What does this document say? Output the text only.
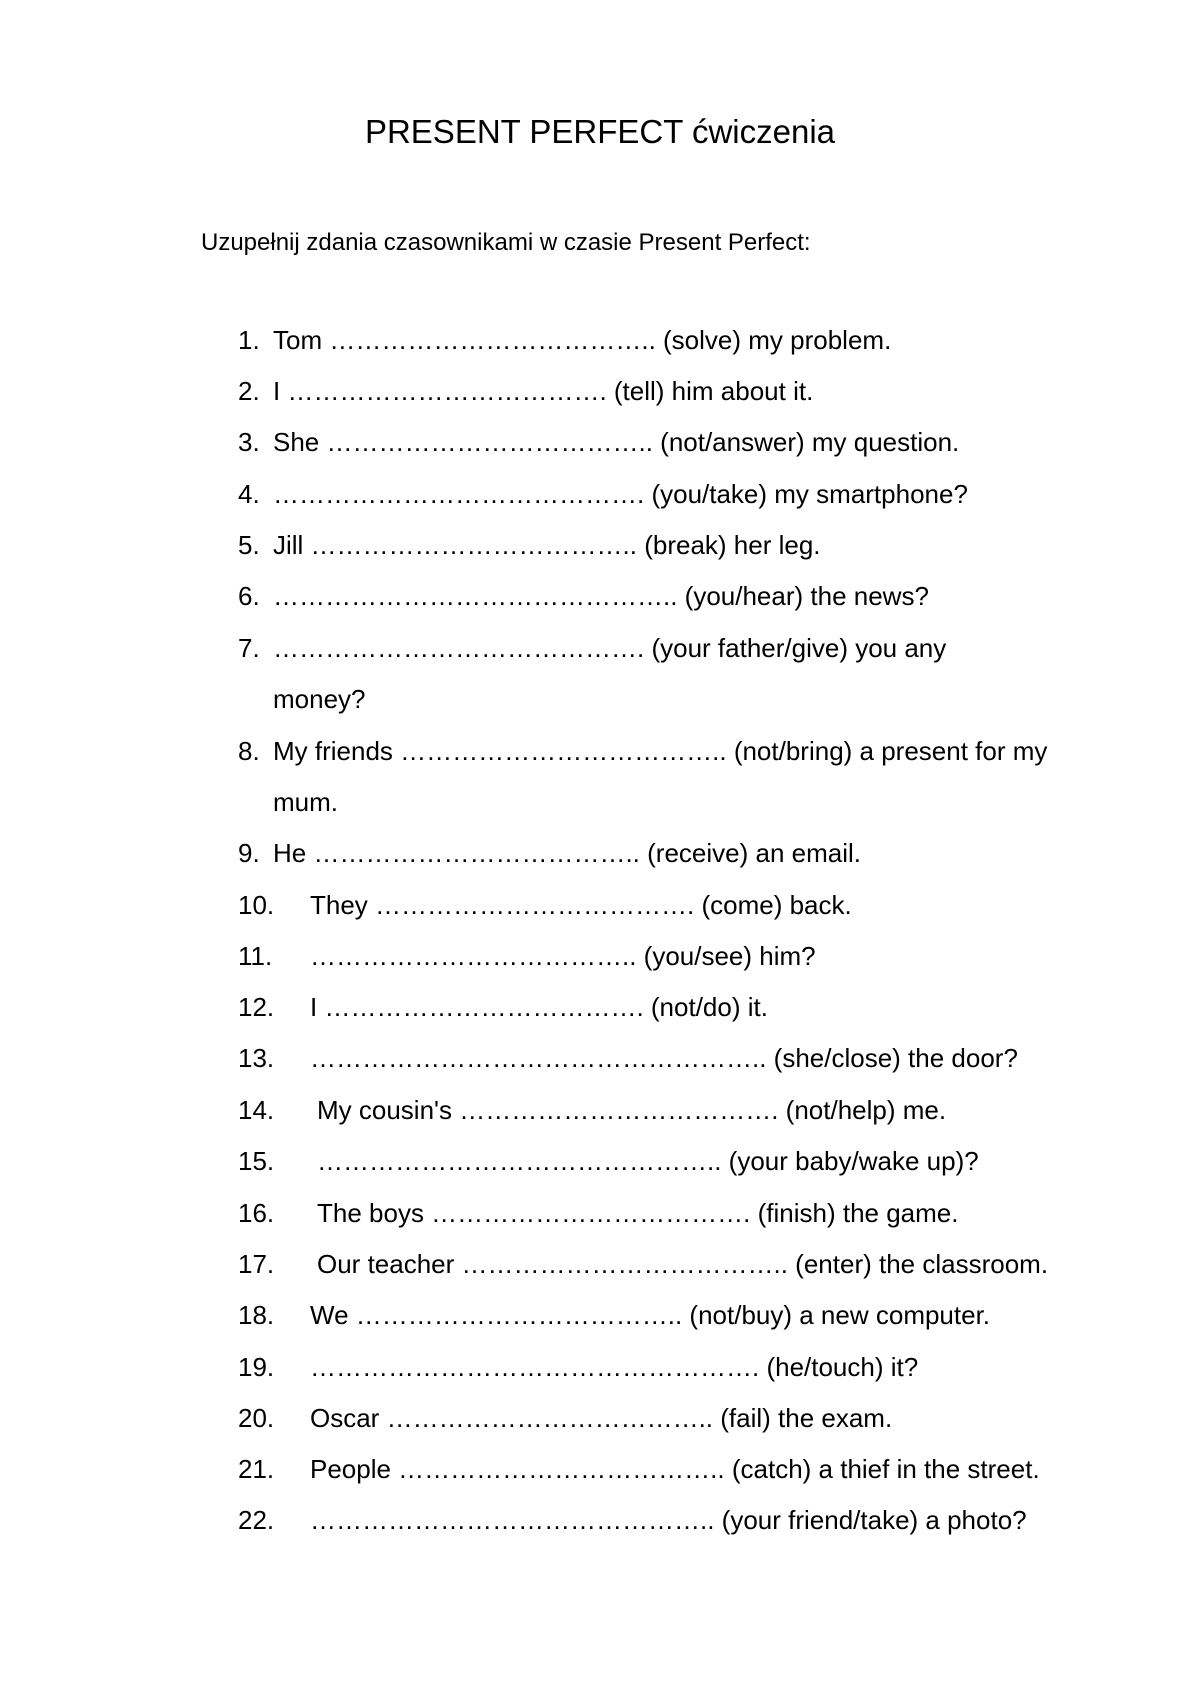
PRESENT PERFECT ćwiczenia
Uzupełnij zdania czasownikami w czasie Present Perfect:
1. Tom ……………………………….. (solve) my problem.
2. I ………………………………. (tell) him about it.
3. She ……………………………….. (not/answer) my question.
4. ……………………………………. (you/take) my smartphone?
5. Jill ……………………………….. (break) her leg.
6. ……………………………………….. (you/hear) the news?
7. ……………………………………. (your father/give) you any
money?
8. My friends ……………………………….. (not/bring) a present for my
mum.
9. He ……………………………….. (receive) an email.
10. They ………………………………. (come) back.
11. ……………………………….. (you/see) him?
12. I ………………………………. (not/do) it.
13. …………………………………………….. (she/close) the door?
14. My cousin's ………………………………. (not/help) me.
15. ……………………………………….. (your baby/wake up)?
16. The boys ………………………………. (finish) the game.
17. Our teacher ……………………………….. (enter) the classroom.
18. We ……………………………….. (not/buy) a new computer.
19. ……………………………………………. (he/touch) it?
20. Oscar ……………………………….. (fail) the exam.
21. People ……………………………….. (catch) a thief in the street.
22. ……………………………………….. (your friend/take) a photo?
